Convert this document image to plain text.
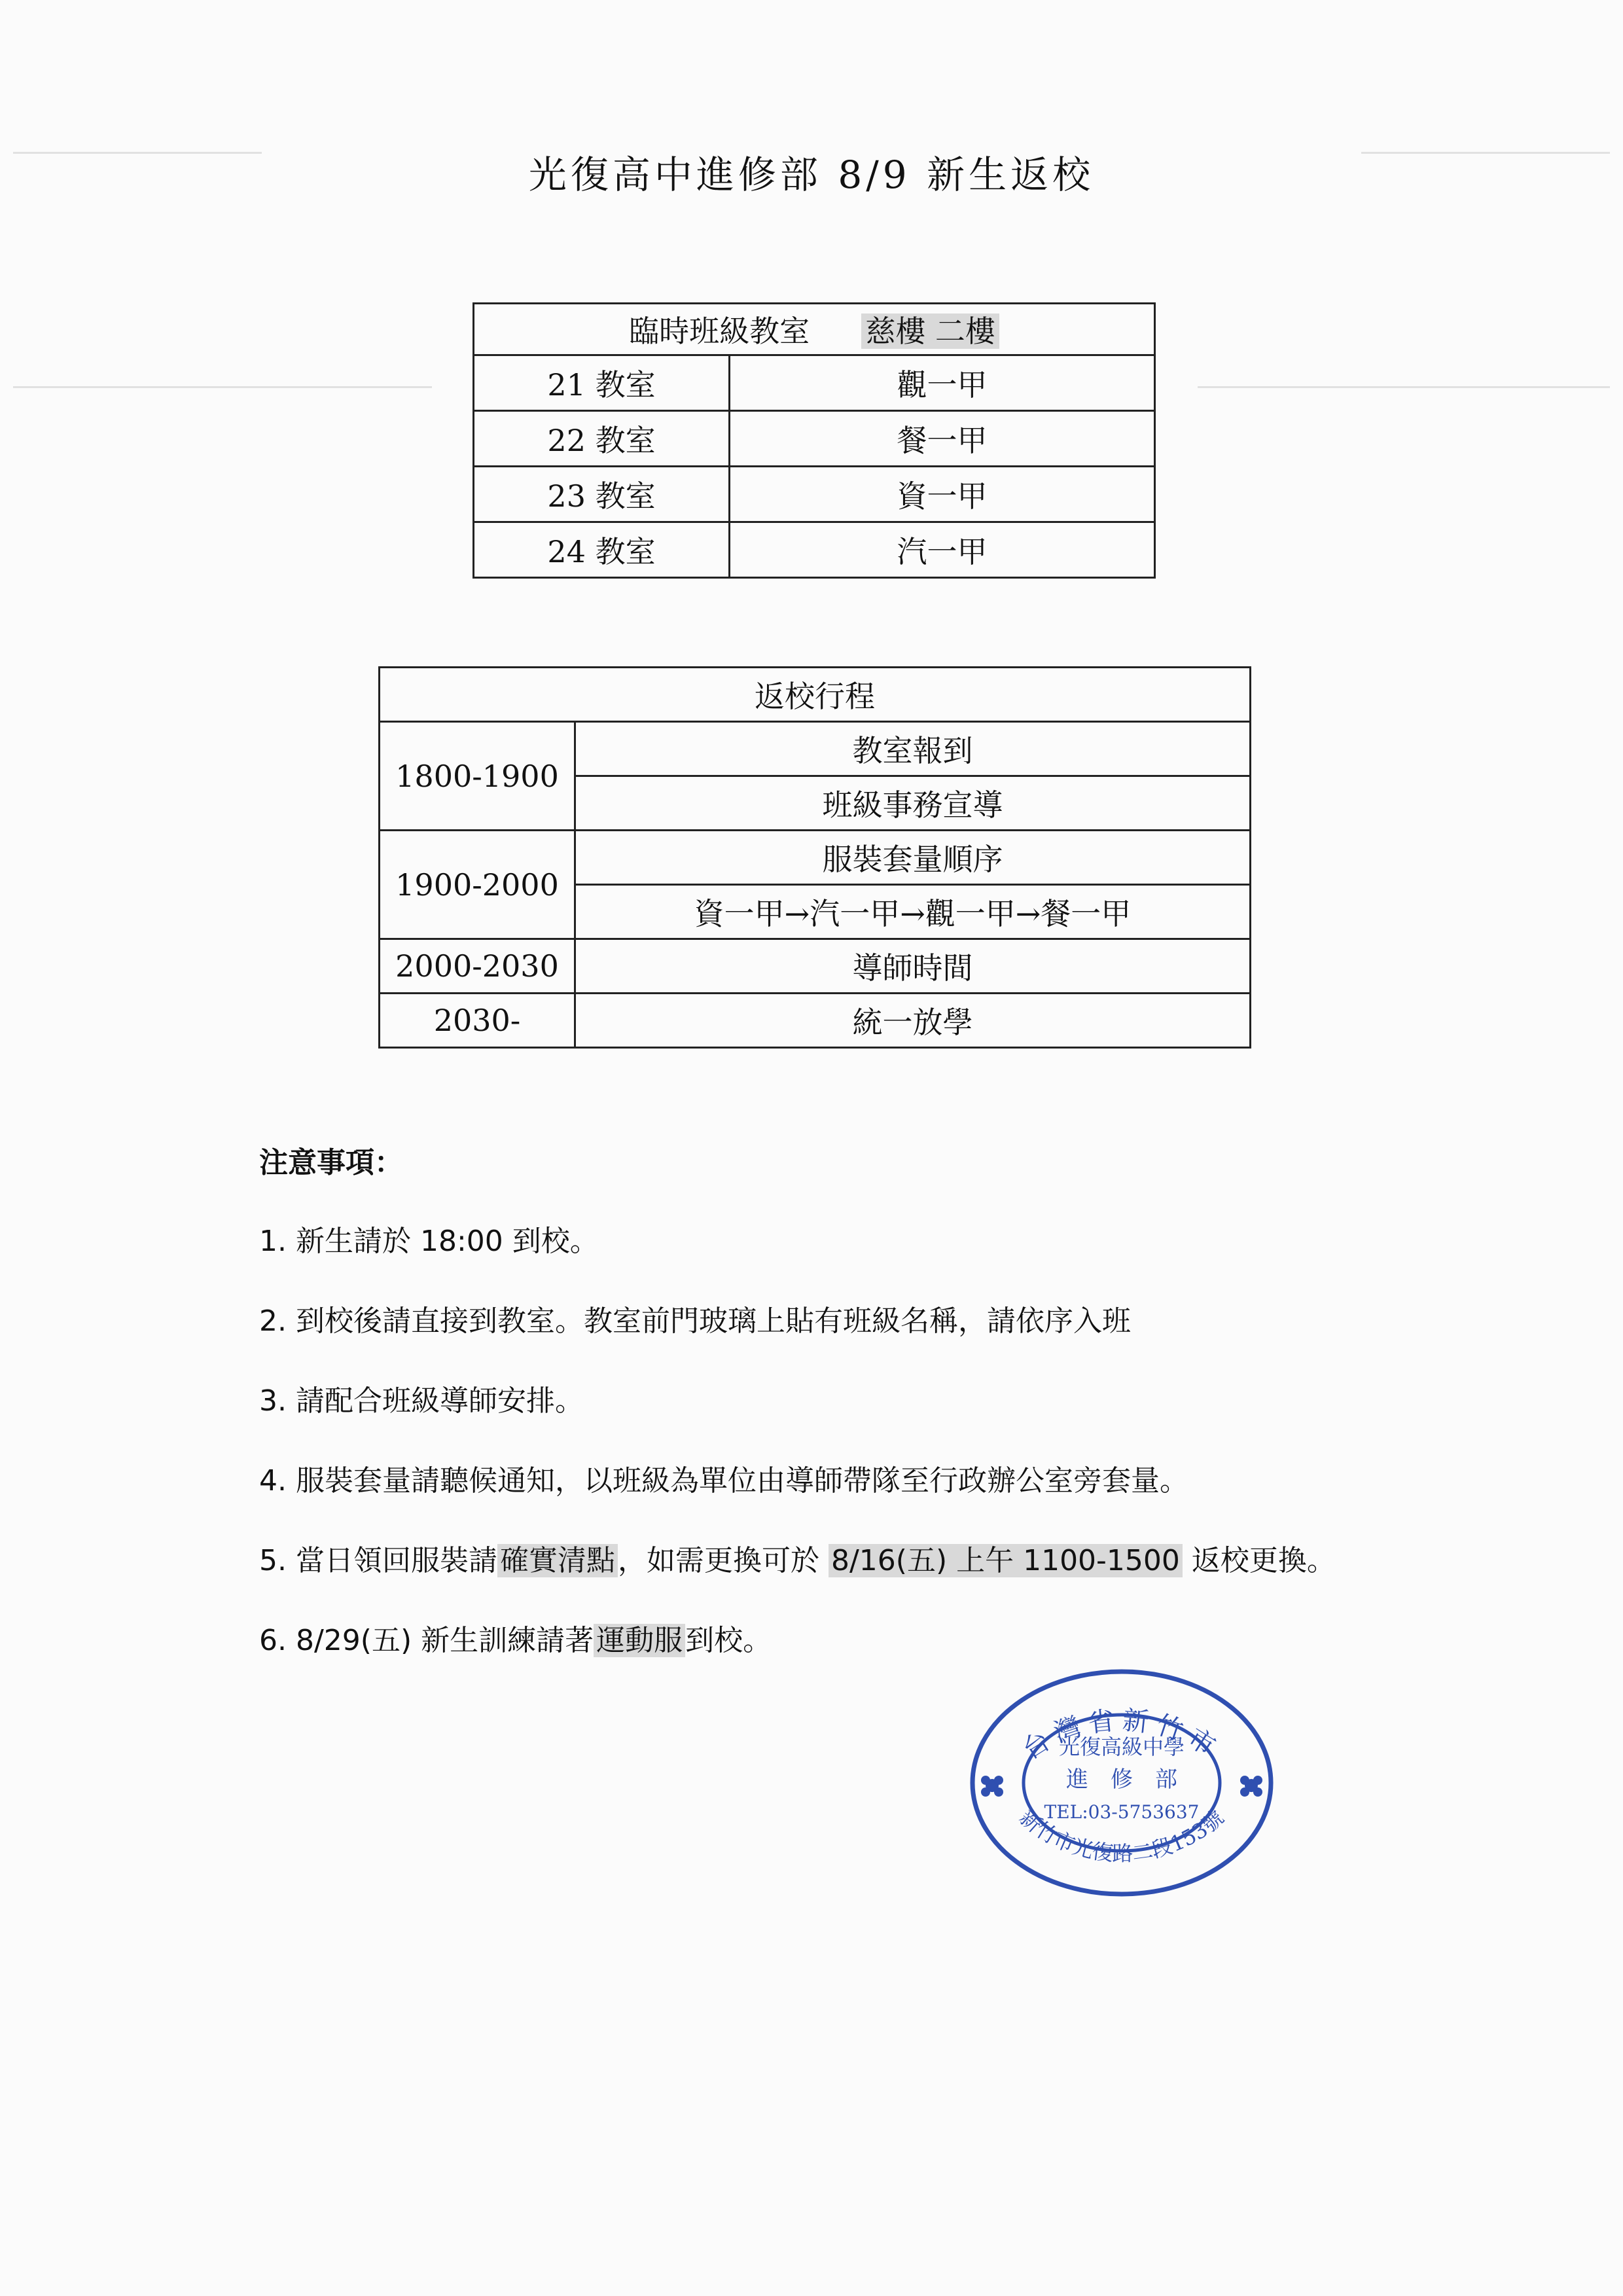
光復高中進修部 8/9 新生返校
臨時班級教室 慈樓 二樓	
21 教室	觀一甲
22 教室	餐一甲
23 教室	資一甲
24 教室	汽一甲
返校行程	
1800-1900	教室報到
	班級事務宣導
1900-2000	服裝套量順序
	資一甲→汽一甲→觀一甲→餐一甲
2000-2030	導師時間
2030-	統一放學
注意事項：
1. 新生請於 18:00 到校。
2. 到校後請直接到教室。教室前門玻璃上貼有班級名稱，請依序入班
3. 請配合班級導師安排。
4. 服裝套量請聽候通知，以班級為單位由導師帶隊至行政辦公室旁套量。
5. 當日領回服裝請確實清點，如需更換可於 8/16(五) 上午 1100-1500 返校更換。
6. 8/29(五) 新生訓練請著運動服到校。
台灣省新竹市
新竹市光復路二段153號
光復高級中學
進　修　部
TEL:03-5753637
